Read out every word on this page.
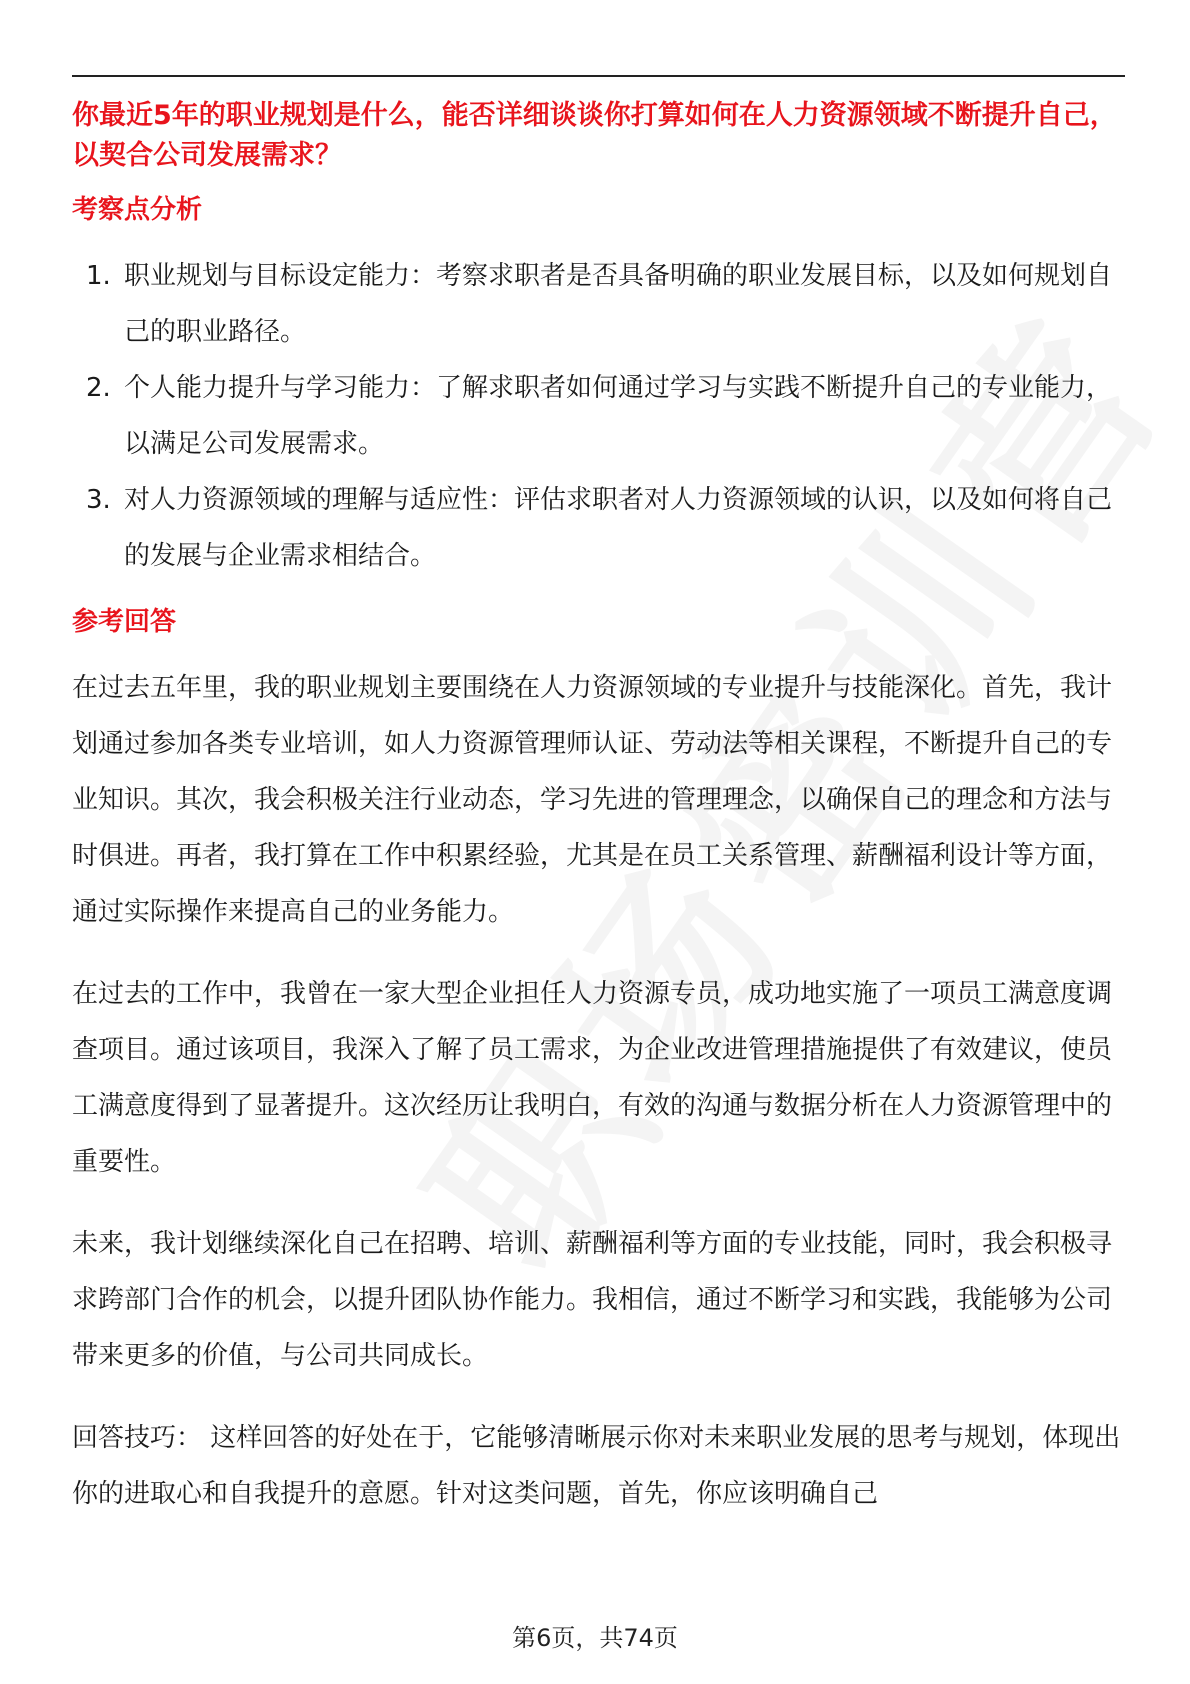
你最近5年的职业规划是什么，能否详细谈谈你打算如何在人力资源领域不断提升自己，以契合公司发展需求？

考察点分析

1. 职业规划与目标设定能力：考察求职者是否具备明确的职业发展目标，以及如何规划自己的职业路径。
2. 个人能力提升与学习能力：了解求职者如何通过学习与实践不断提升自己的专业能力，以满足公司发展需求。
3. 对人力资源领域的理解与适应性：评估求职者对人力资源领域的认识，以及如何将自己的发展与企业需求相结合。

参考回答

在过去五年里，我的职业规划主要围绕在人力资源领域的专业提升与技能深化。首先，我计划通过参加各类专业培训，如人力资源管理师认证、劳动法等相关课程，不断提升自己的专业知识。其次，我会积极关注行业动态，学习先进的管理理念，以确保自己的理念和方法与时俱进。再者，我打算在工作中积累经验，尤其是在员工关系管理、薪酬福利设计等方面，通过实际操作来提高自己的业务能力。

在过去的工作中，我曾在一家大型企业担任人力资源专员，成功地实施了一项员工满意度调查项目。通过该项目，我深入了解了员工需求，为企业改进管理措施提供了有效建议，使员工满意度得到了显著提升。这次经历让我明白，有效的沟通与数据分析在人力资源管理中的重要性。

未来，我计划继续深化自己在招聘、培训、薪酬福利等方面的专业技能，同时，我会积极寻求跨部门合作的机会，以提升团队协作能力。我相信，通过不断学习和实践，我能够为公司带来更多的价值，与公司共同成长。

回答技巧： 这样回答的好处在于，它能够清晰展示你对未来职业发展的思考与规划，体现出你的进取心和自我提升的意愿。针对这类问题，首先，你应该明确自己

第6页，共74页
